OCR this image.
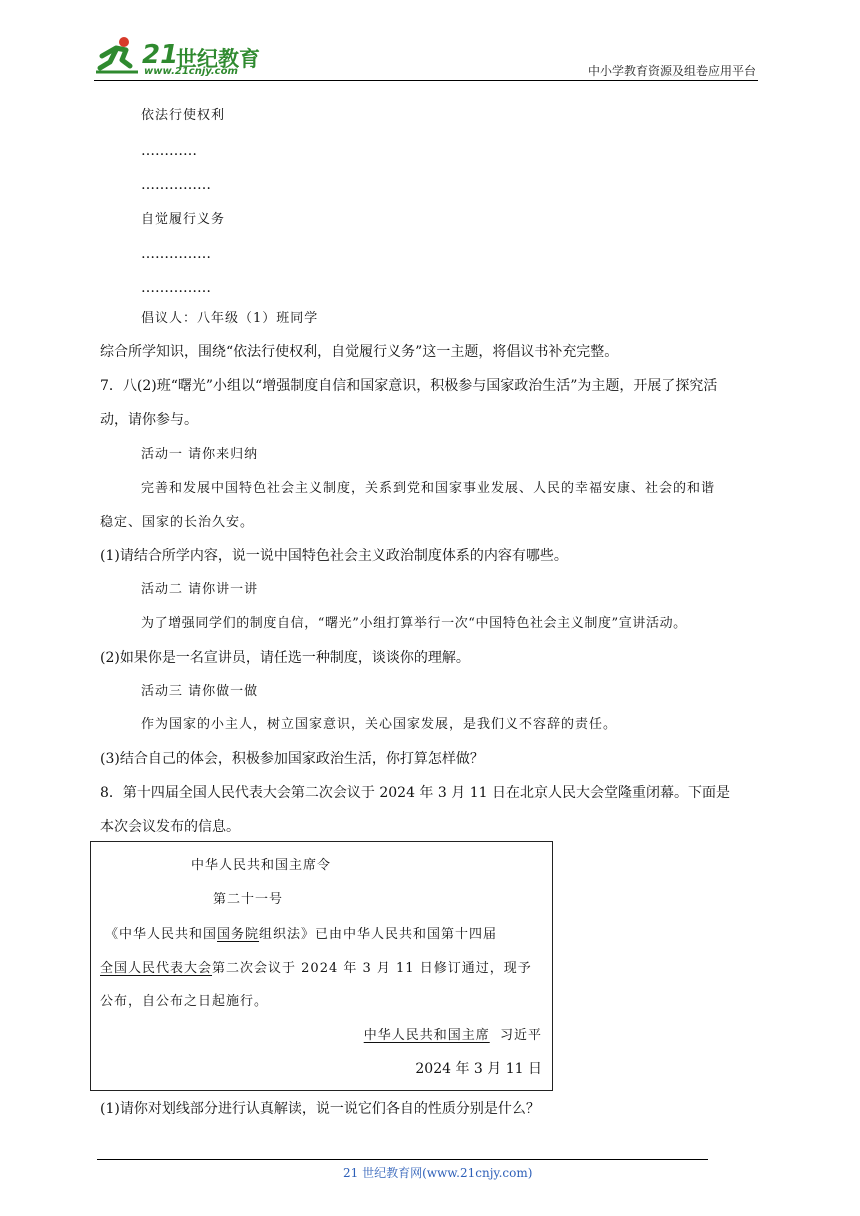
21
世纪教育
www.21cnjy.com	中小学教育资源及组卷应用平台
依法行使权利
…………
……………
自觉履行义务
……………
……………
倡议人：八年级（1）班同学
综合所学知识，围绕“依法行使权利，自觉履行义务”这一主题，将倡议书补充完整。
7．八(2)班“曙光”小组以“增强制度自信和国家意识，积极参与国家政治生活”为主题，开展了探究活
动，请你参与。
活动一 请你来归纳
完善和发展中国特色社会主义制度，关系到党和国家事业发展、人民的幸福安康、社会的和谐
稳定、国家的长治久安。
(1)请结合所学内容，说一说中国特色社会主义政治制度体系的内容有哪些。
活动二 请你讲一讲
为了增强同学们的制度自信，“曙光”小组打算举行一次“中国特色社会主义制度”宣讲活动。
(2)如果你是一名宣讲员，请任选一种制度，谈谈你的理解。
活动三 请你做一做
作为国家的小主人，树立国家意识，关心国家发展，是我们义不容辞的责任。
(3)结合自己的体会，积极参加国家政治生活，你打算怎样做？
8．第十四届全国人民代表大会第二次会议于 2024 年 3 月 11 日在北京人民大会堂隆重闭幕。下面是
本次会议发布的信息。
中华人民共和国主席令
第二十一号
《中华人民共和国国务院组织法》已由中华人民共和国第十四届
全国人民代表大会第二次会议于 2024 年 3 月 11 日修订通过，现予
公布，自公布之日起施行。
中华人民共和国主席 习近平
2024 年 3 月 11 日
(1)请你对划线部分进行认真解读，说一说它们各自的性质分别是什么？
21 世纪教育网(www.21cnjy.com)
